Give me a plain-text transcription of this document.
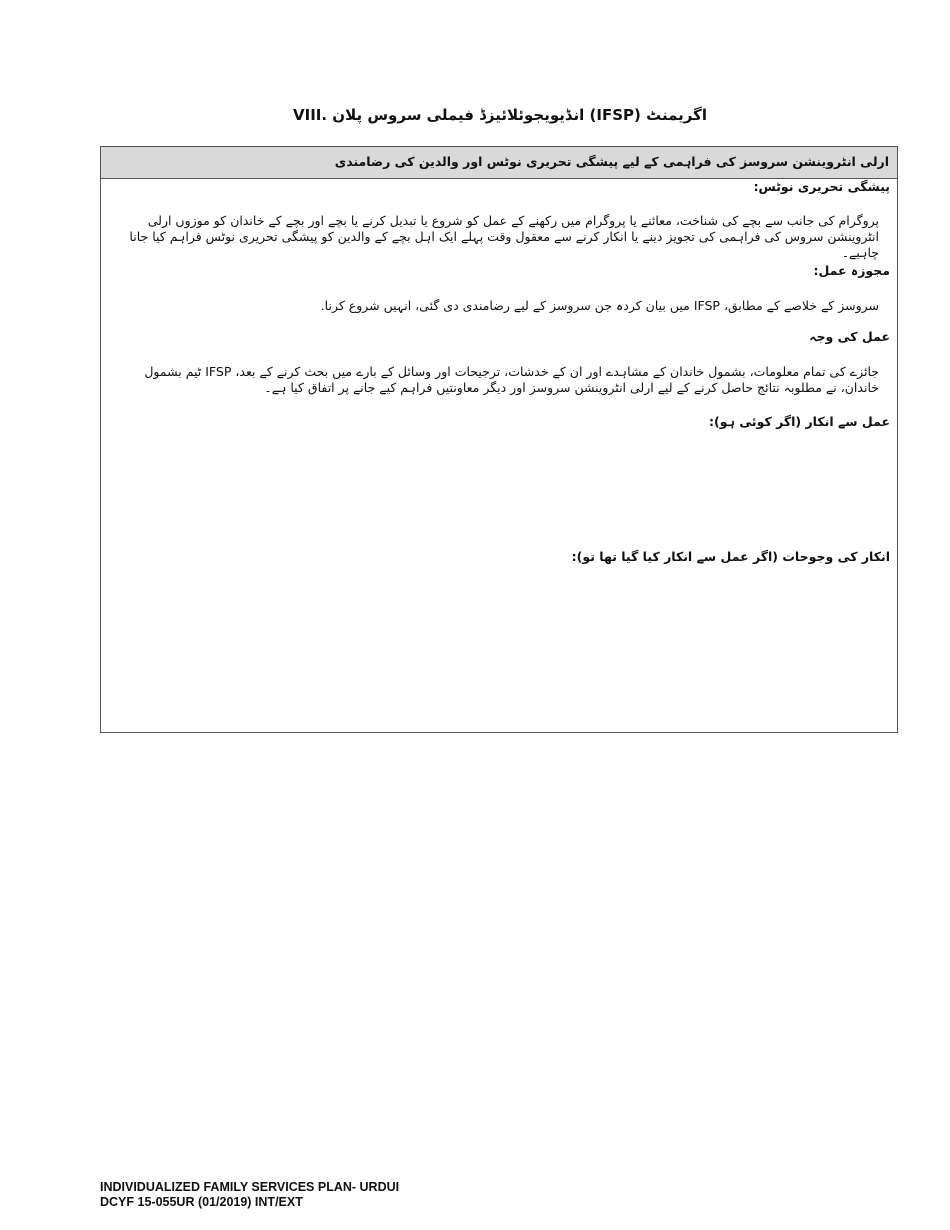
VIII. انڈیویجوئلائیزڈ فیملی سروس پلان (IFSP) اگریمنٹ
ارلی انٹروینشن سروسز کی فراہمی کے لیے پیشگی تحریری نوٹس اور والدین کی رضامندی
پیشگی تحریری نوٹس:
پروگرام کی جانب سے بچے کی شناخت، معائنے یا پروگرام میں رکھنے کے عمل کو شروع یا تبدیل کرنے یا بچے اور بچے کے خاندان کو موزوں ارلی انٹروینشن سروس کی فراہمی کی تجویز دینے یا انکار کرنے سے معقول وقت پہلے ایک اہل بچے کے والدین کو پیشگی تحریری نوٹس فراہم کیا جانا چاہیے۔
مجوزہ عمل:
سروسز کے خلاصے کے مطابق، IFSP میں بیان کردہ جن سروسز کے لیے رضامندی دی گئی، انہیں شروع کرنا.
عمل کی وجہ
جائزے کی تمام معلومات، بشمول خاندان کے مشاہدے اور ان کے خدشات، ترجیحات اور وسائل کے بارے میں بحث کرنے کے بعد، IFSP ٹیم بشمول خاندان، نے مطلوبہ نتائج حاصل کرنے کے لیے ارلی انٹروینشن سروسز اور دیگر معاونتیں فراہم کیے جانے پر اتفاق کیا ہے۔
عمل سے انکار (اگر کوئی ہو):
انکار کی وجوحات (اگر عمل سے انکار کیا گیا تھا تو):
INDIVIDUALIZED FAMILY SERVICES PLAN- URDUI
DCYF 15-055UR (01/2019) INT/EXT
